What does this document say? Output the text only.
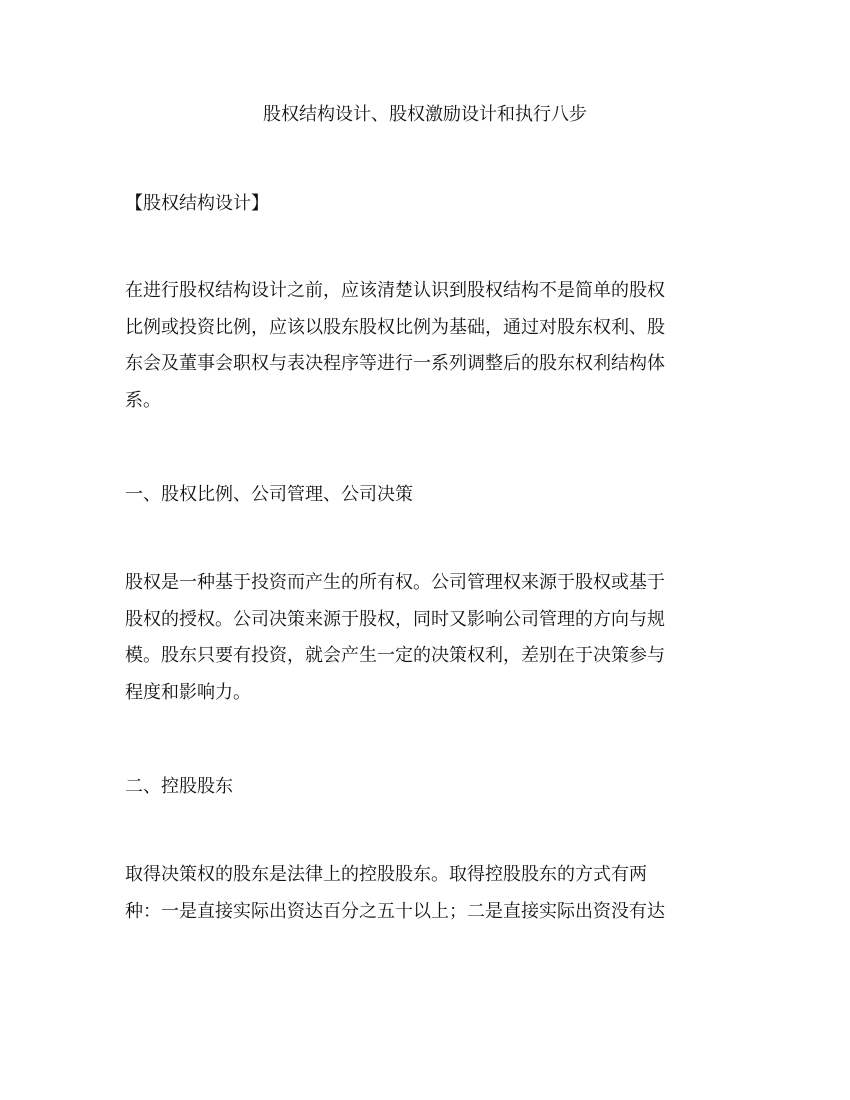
股权结构设计、股权激励设计和执行八步

【股权结构设计】

在进行股权结构设计之前，应该清楚认识到股权结构不是简单的股权
比例或投资比例，应该以股东股权比例为基础，通过对股东权利、股
东会及董事会职权与表决程序等进行一系列调整后的股东权利结构体
系。

一、股权比例、公司管理、公司决策

股权是一种基于投资而产生的所有权。公司管理权来源于股权或基于
股权的授权。公司决策来源于股权，同时又影响公司管理的方向与规
模。股东只要有投资，就会产生一定的决策权利，差别在于决策参与
程度和影响力。

二、控股股东

取得决策权的股东是法律上的控股股东。取得控股股东的方式有两
种：一是直接实际出资达百分之五十以上；二是直接实际出资没有达
